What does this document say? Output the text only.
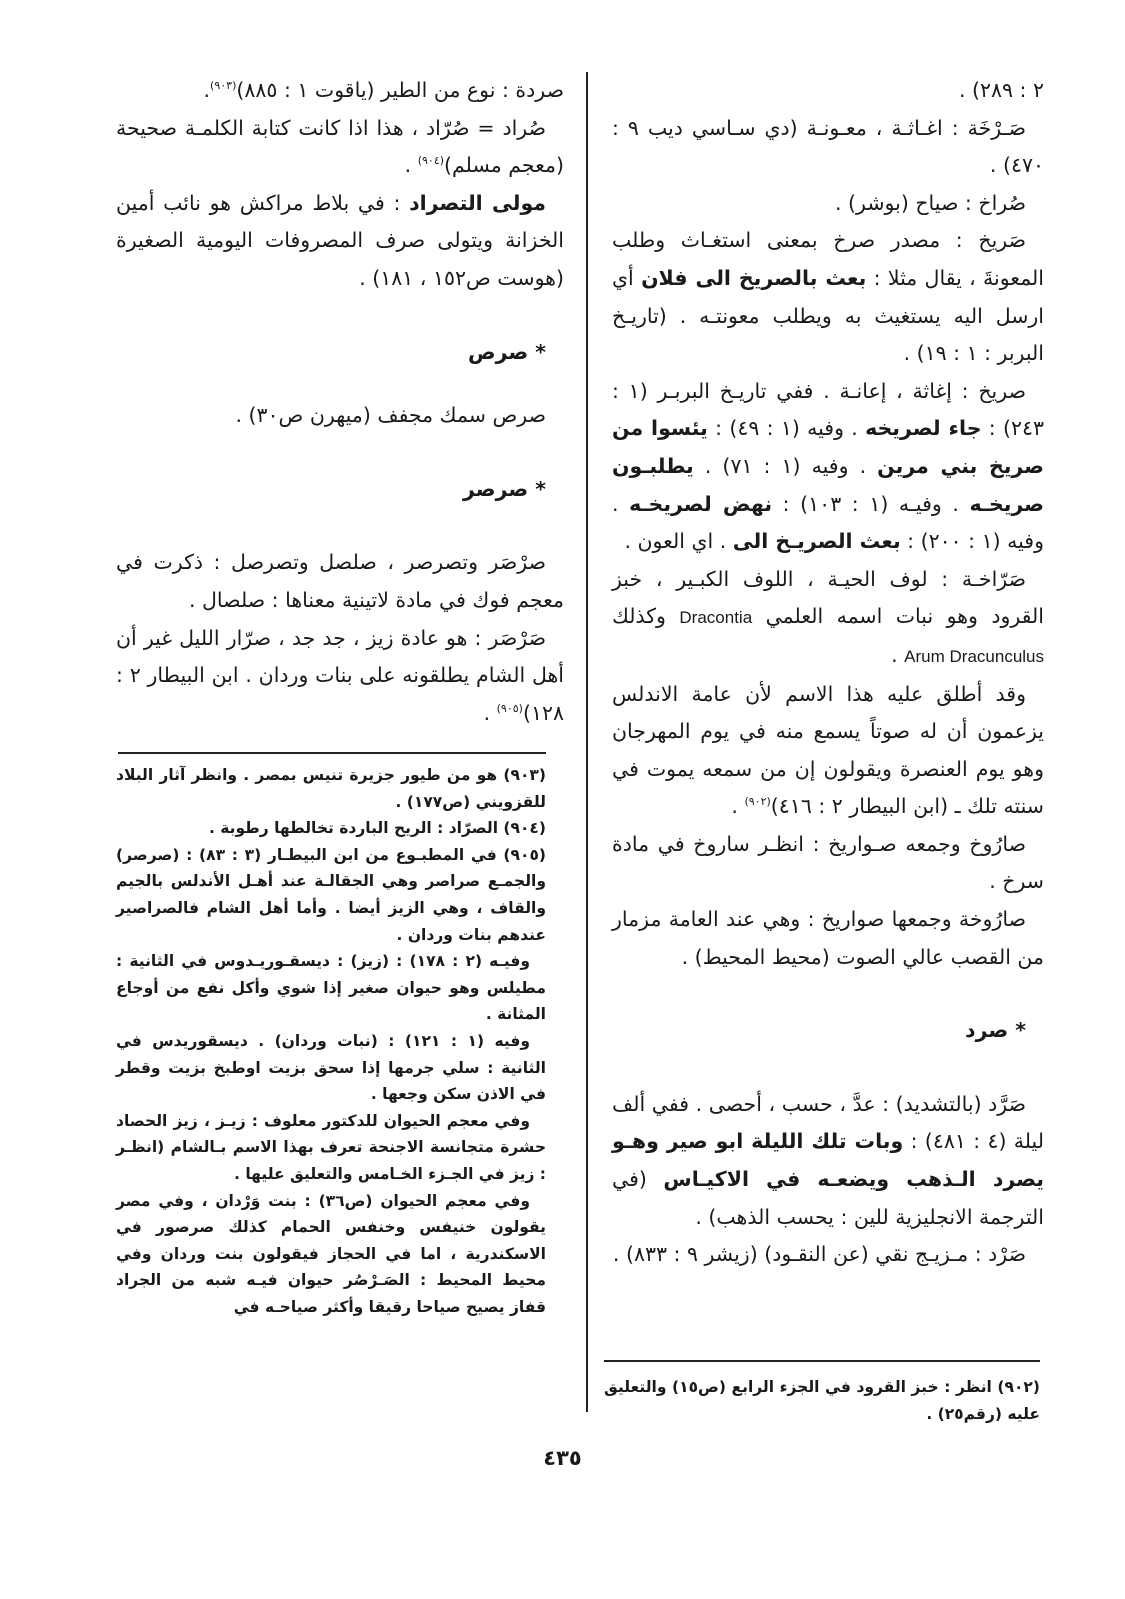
٢ : ٢٨٩) .

صَـرْخَة : اغـاثـة ، معـونـة (دي سـاسي ديب ٩ : ٤٧٠) .

صُراخ : صياح (بوشر) .

صَريخ : مصدر صرخ بمعنى استغـاث وطلب المعونةَ ، يقال مثلا : بعث بالصريخ الى فلان أي ارسل اليه يستغيث به ويطلب معونتـه . (تاريـخ البربر : ١ : ١٩) .

صريخ : إغاثة ، إعانـة . ففي تاريـخ البربـر (١ : ٢٤٣) : جاء لصريخه . وفيه (١ : ٤٩) : يئسوا من صريخ بني مرين . وفيه (١ : ٧١) . يطلبـون صريخـه . وفيـه (١ : ١٠٣) : نهض لصريخـه . وفيه (١ : ٢٠٠) : بعث الصريـخ الى . اي العون .

صَرّاخـة : لوف الحيـة ، اللوف الكبـير ، خبز القرود وهو نبات اسمه العلمي Dracontia وكذلك Arum Dracunculus .

وقد أطلق عليه هذا الاسم لأن عامة الاندلس يزعمون أن له صوتاً يسمع منه في يوم المهرجان وهو يوم العنصرة ويقولون إن من سمعه يموت في سنته تلك ـ (ابن البيطار ٢ : ٤١٦)$^{(٩٠٢)}$ .

صارُوخ وجمعه صـواريخ : انظـر ساروخ في مادة سرخ .

صارُوخة وجمعها صواريخ : وهي عند العامة مزمار من القصب عالي الصوت (محيط المحيط) .

* صرد

صَرَّد (بالتشديد) : عدَّ ، حسب ، أحصى . ففي ألف ليلة (٤ : ٤٨١) : وبات تلك الليلة ابو صير وهـو يصرد الـذهب ويضعـه في الاكيـاس (في الترجمة الانجليزية للين : يحسب الذهب) .

صَرْد : مـزيـج نقي (عن النقـود) (زيشر ٩ : ٨٣٣) .

صردة : نوع من الطير (ياقوت ١ : ٨٨٥)$^{(٩٠٣)}$.

صُراد = صُرّاد ، هذا اذا كانت كتابة الكلمـة صحيحة (معجم مسلم)$^{(٩٠٤)}$ .

مولى التصراد : في بلاط مراكش هو نائب أمين الخزانة ويتولى صرف المصروفات اليومية الصغيرة (هوست ص١٥٢ ، ١٨١) .

* صرص

صرص سمك مجفف (ميهرن ص٣٠) .

* صرصر

صرْصَر وتصرصر ، صلصل وتصرصل : ذكرت في معجم فوك في مادة لاتينية معناها : صلصال .

صَرْصَر : هو عادة زيز ، جد جد ، صرّار الليل غير أن أهل الشام يطلقونه على بنات وردان . ابن البيطار ٢ : ١٢٨)$^{(٩٠٥)}$ .

(٩٠٣) هو من طيور جزيرة تنيس بمصر . وانظر آثار البلاد للقزويني (ص١٧٧) .

(٩٠٤) الصرّاد : الريح الباردة تخالطها رطوبة .

(٩٠٥) في المطبـوع من ابن البيطـار (٣ : ٨٣) : (صرصر) والجمـع صراصر وهي الجقالـة عند أهـل الأندلس بالجيم والقاف ، وهي الزيز أيضا . وأما أهل الشام فالصراصير عندهم بنات وردان .

وفيـه (٢ : ١٧٨) : (زيز) : ديسقـوريـدوس في الثانية : مطيلس وهو حيوان صغير إذا شوي وأكل نفع من أوجاع المثانة .

وفيه (١ : ١٢١) : (نبات وردان) . ديسقوريدس في الثانية : سلي جرمها إذا سحق بزيت اوطبخ بزيت وقطر في الاذن سكن وجعها .

وفي معجم الحيوان للدكتور معلوف : زيـز ، زيز الحصاد حشرة متجانسة الاجنحة تعرف بهذا الاسم بـالشام (انظـر : زيز في الجـزء الخـامس والتعليق عليها .

وفي معجم الحيوان (ص٣٦) : بنت وَرْدان ، وفي مصر يقولون خنيفس وخنفس الحمام كذلك صرصور في الاسكندرية ، اما في الحجاز فيقولون بنت وردان وفي محيط المحيط : الصَـرْصُر حيوان فيـه شبه من الجراد قفاز يصيح صياحا رقيقا وأكثر صياحـه في

(٩٠٢) انظر : خبز القرود في الجزء الرابع (ص١٥) والتعليق عليه (رقم٢٥) .

٤٣٥
